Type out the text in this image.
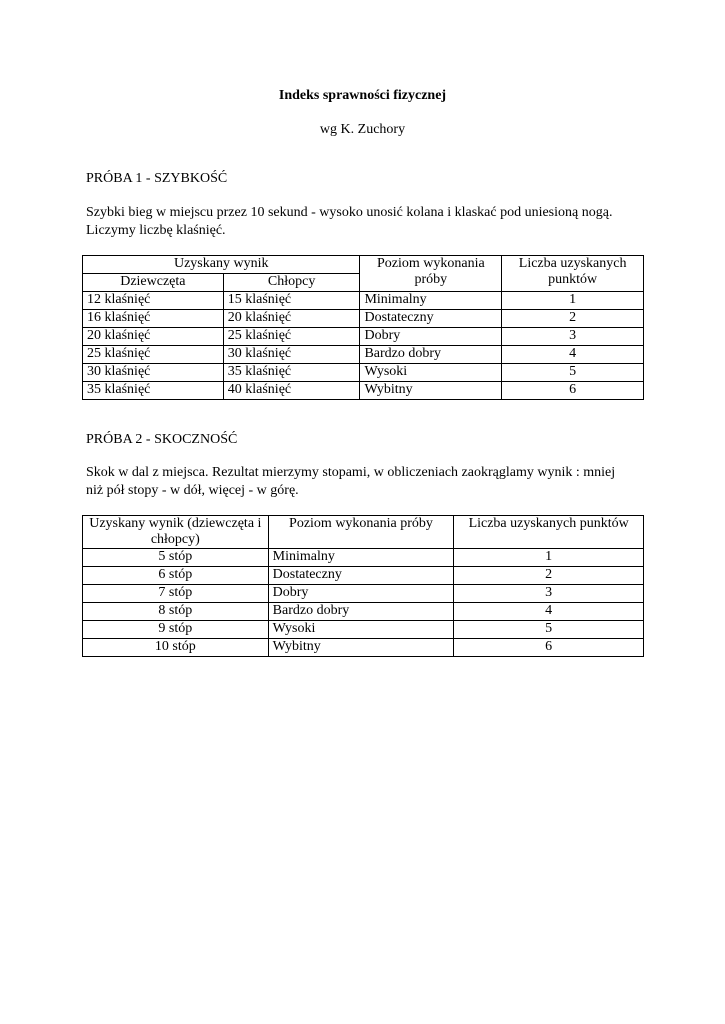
Indeks sprawności fizycznej
wg K. Zuchory
PRÓBA 1 - SZYBKOŚĆ
Szybki bieg w miejscu przez 10 sekund - wysoko unosić kolana i klaskać pod uniesioną nogą.
Liczymy liczbę klaśnięć.
Uzyskany wynik		Poziom wykonania próby	Liczba uzyskanych punktów
Dziewczęta	Chłopcy		
12 klaśnięć	15 klaśnięć	Minimalny	1
16 klaśnięć	20 klaśnięć	Dostateczny	2
20 klaśnięć	25 klaśnięć	Dobry	3
25 klaśnięć	30 klaśnięć	Bardzo dobry	4
30 klaśnięć	35 klaśnięć	Wysoki	5
35 klaśnięć	40 klaśnięć	Wybitny	6
PRÓBA 2 - SKOCZNOŚĆ
Skok w dal z miejsca. Rezultat mierzymy stopami, w obliczeniach zaokrąglamy wynik : mniej
niż pół stopy - w dół, więcej - w górę.
Uzyskany wynik (dziewczęta i chłopcy)	Poziom wykonania próby	Liczba uzyskanych punktów
5 stóp	Minimalny	1
6 stóp	Dostateczny	2
7 stóp	Dobry	3
8 stóp	Bardzo dobry	4
9 stóp	Wysoki	5
10 stóp	Wybitny	6
